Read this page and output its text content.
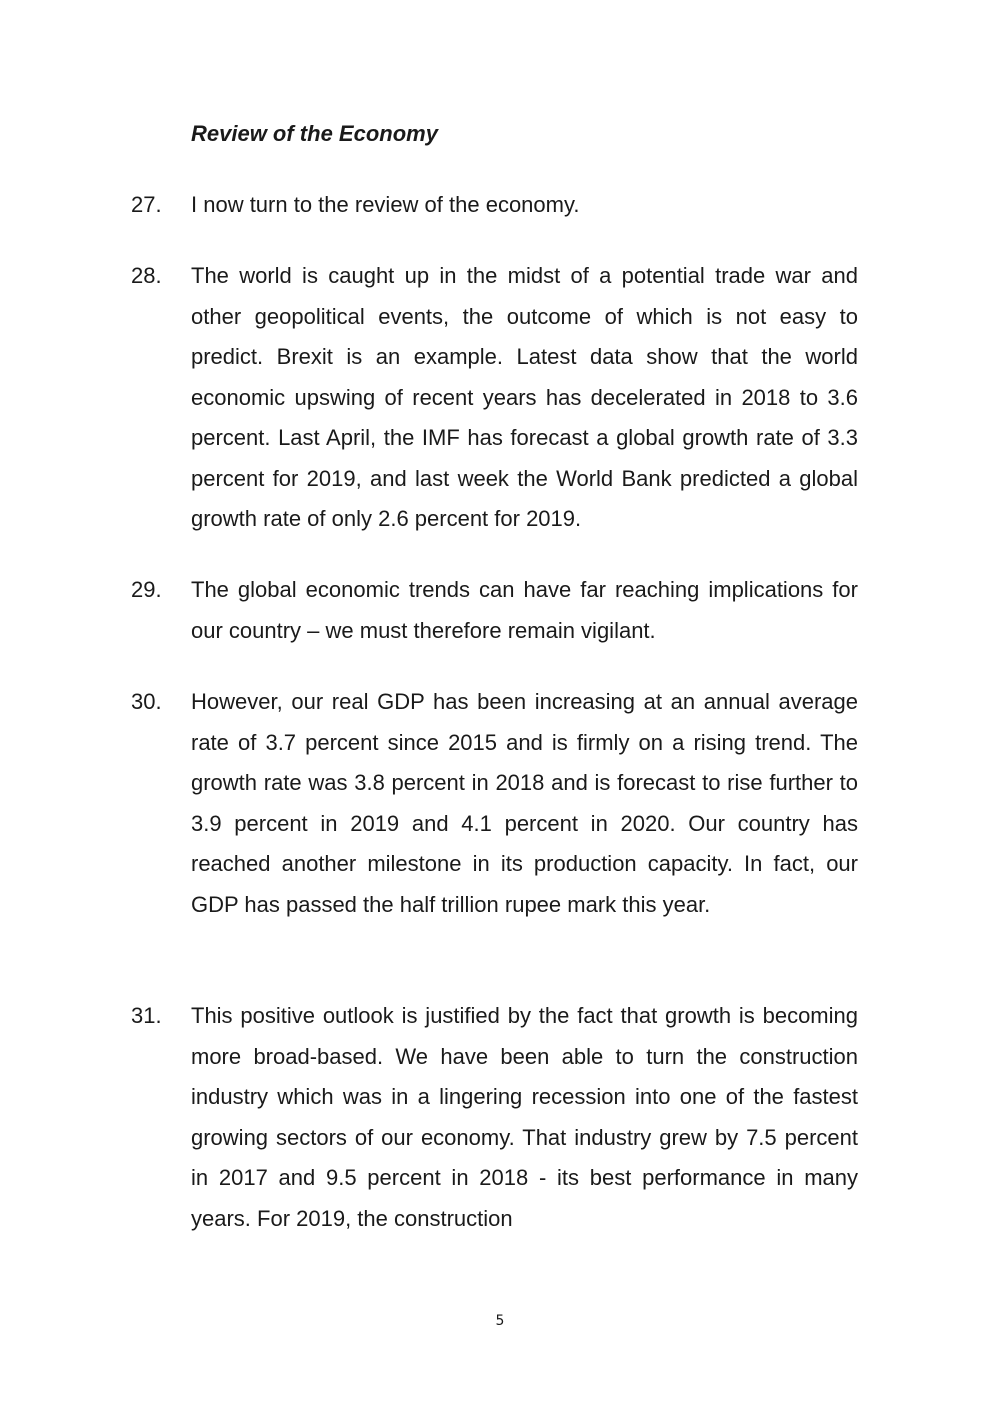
Review of the Economy
27. I now turn to the review of the economy.

28. The world is caught up in the midst of a potential trade war and other geopolitical events, the outcome of which is not easy to predict. Brexit is an example. Latest data show that the world economic upswing of recent years has decelerated in 2018 to 3.6 percent. Last April, the IMF has forecast a global growth rate of 3.3 percent for 2019, and last week the World Bank predicted a global growth rate of only 2.6 percent for 2019.

29. The global economic trends can have far reaching implications for our country – we must therefore remain vigilant.

30. However, our real GDP has been increasing at an annual average rate of 3.7 percent since 2015 and is firmly on a rising trend. The growth rate was 3.8 percent in 2018 and is forecast to rise further to 3.9 percent in 2019 and 4.1 percent in 2020. Our country has reached another milestone in its production capacity. In fact, our GDP has passed the half trillion rupee mark this year.

31. This positive outlook is justified by the fact that growth is becoming more broad-based. We have been able to turn the construction industry which was in a lingering recession into one of the fastest growing sectors of our economy. That industry grew by 7.5 percent in 2017 and 9.5 percent in 2018 - its best performance in many years. For 2019, the construction

5
